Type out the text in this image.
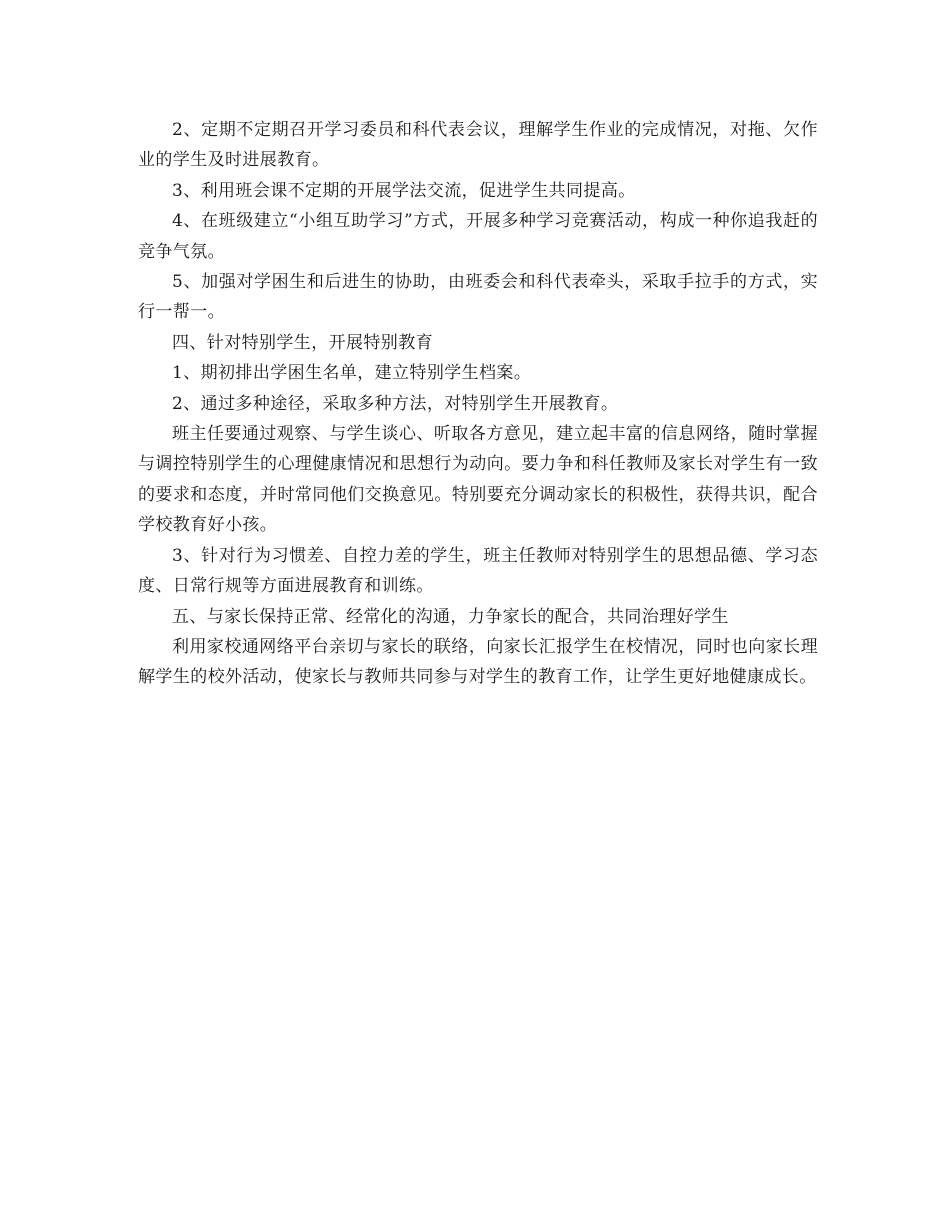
2、定期不定期召开学习委员和科代表会议，理解学生作业的完成情况，对拖、欠作业的学生及时进展教育。

3、利用班会课不定期的开展学法交流，促进学生共同提高。

4、在班级建立“小组互助学习”方式，开展多种学习竞赛活动，构成一种你追我赶的竞争气氛。

5、加强对学困生和后进生的协助，由班委会和科代表牵头，采取手拉手的方式，实行一帮一。

四、针对特别学生，开展特别教育

1、期初排出学困生名单，建立特别学生档案。

2、通过多种途径，采取多种方法，对特别学生开展教育。

班主任要通过观察、与学生谈心、听取各方意见，建立起丰富的信息网络，随时掌握与调控特别学生的心理健康情况和思想行为动向。要力争和科任教师及家长对学生有一致的要求和态度，并时常同他们交换意见。特别要充分调动家长的积极性，获得共识，配合学校教育好小孩。

3、针对行为习惯差、自控力差的学生，班主任教师对特别学生的思想品德、学习态度、日常行规等方面进展教育和训练。

五、与家长保持正常、经常化的沟通，力争家长的配合，共同治理好学生

利用家校通网络平台亲切与家长的联络，向家长汇报学生在校情况，同时也向家长理解学生的校外活动，使家长与教师共同参与对学生的教育工作，让学生更好地健康成长。
